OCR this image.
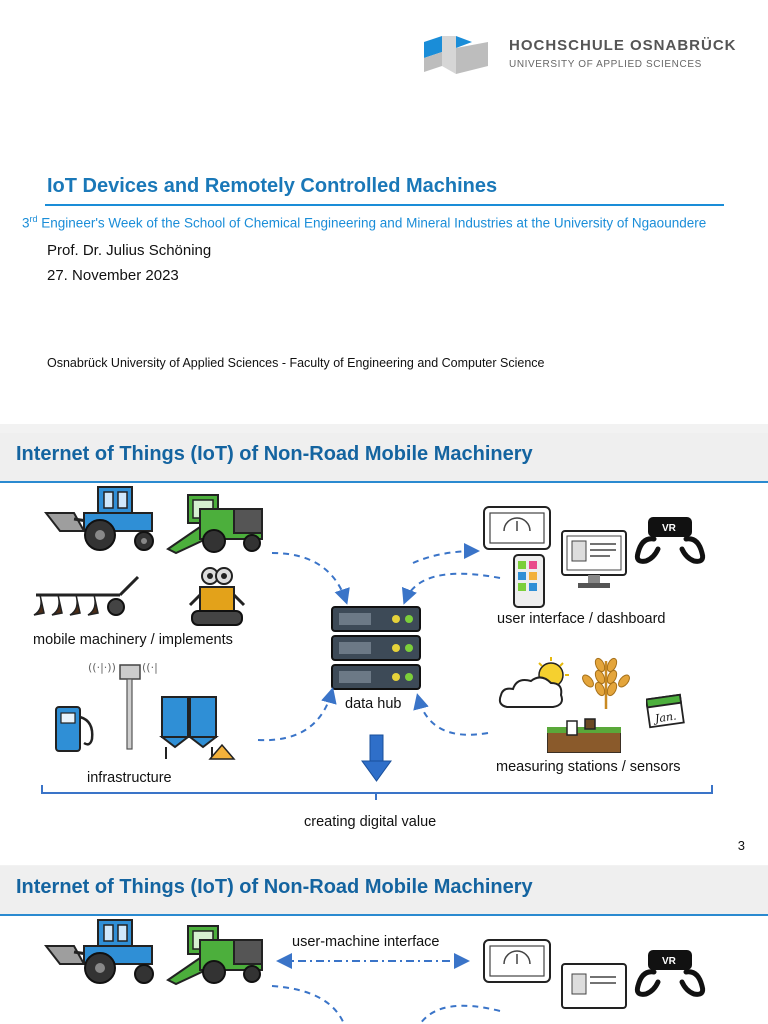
HOCHSCHULE OSNABRÜCK
UNIVERSITY OF APPLIED SCIENCES
IoT Devices and Remotely Controlled Machines
3rd Engineer's Week of the School of Chemical Engineering and Mineral Industries at the University of Ngaoundere
Prof. Dr. Julius Schöning
27. November 2023
Osnabrück University of Applied Sciences - Faculty of Engineering and Computer Science
Internet of Things (IoT) of Non-Road Mobile Machinery
mobile machinery / implements
((·|·)) ((·|
infrastructure
data hub
VR
user interface / dashboard
Jan.
measuring stations / sensors
creating digital value
3
Internet of Things (IoT) of Non-Road Mobile Machinery
user-machine interface
VR
